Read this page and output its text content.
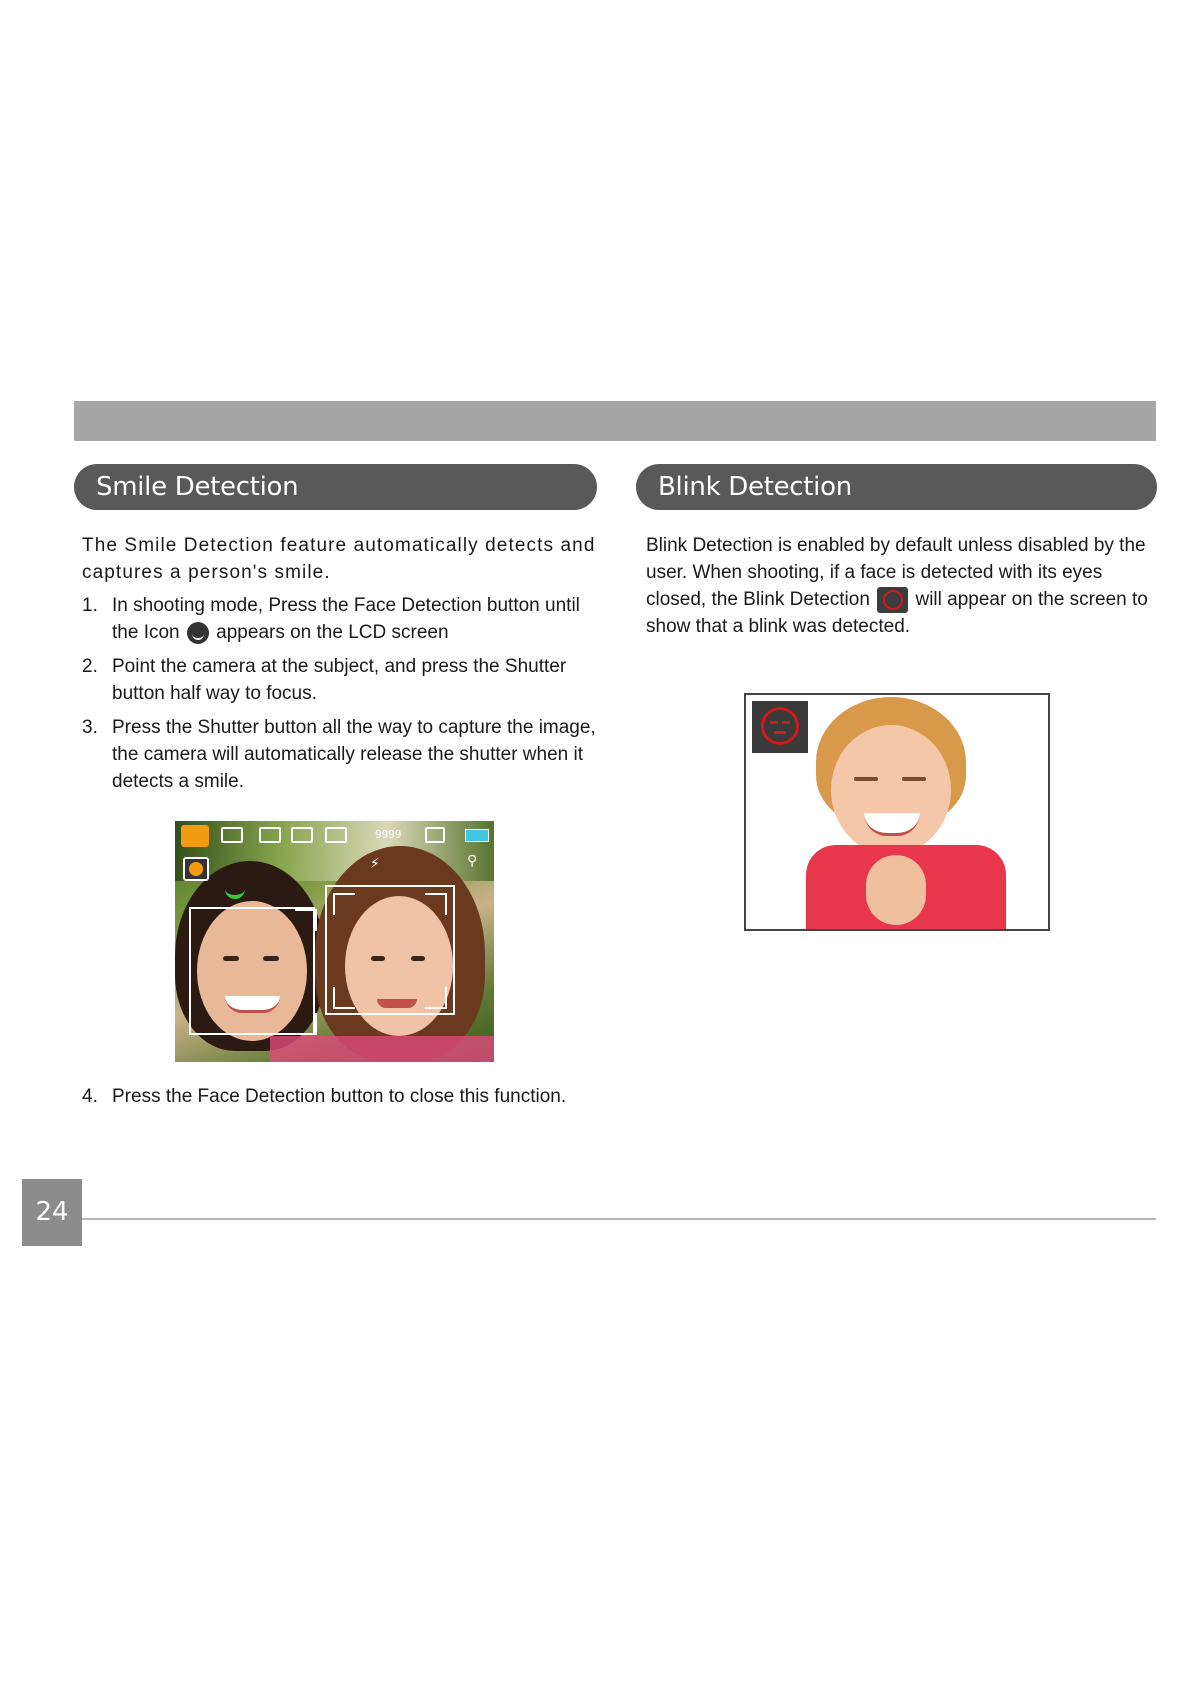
Smile Detection	Blink Detection

The Smile Detection feature automatically detects and captures a person's smile.

1. In shooting mode, Press the Face Detection button until the Icon appears on the LCD screen
2. Point the camera at the subject, and press the Shutter button half way to focus.
3. Press the Shutter button all the way to capture the image, the camera will automatically release the shutter when it detects a smile.
9999
⚡	⚲
4. Press the Face Detection button to close this function.

Blink Detection is enabled by default unless disabled by the user. When shooting, if a face is detected with its eyes closed, the Blink Detection will appear on the screen to show that a blink was detected.

24
